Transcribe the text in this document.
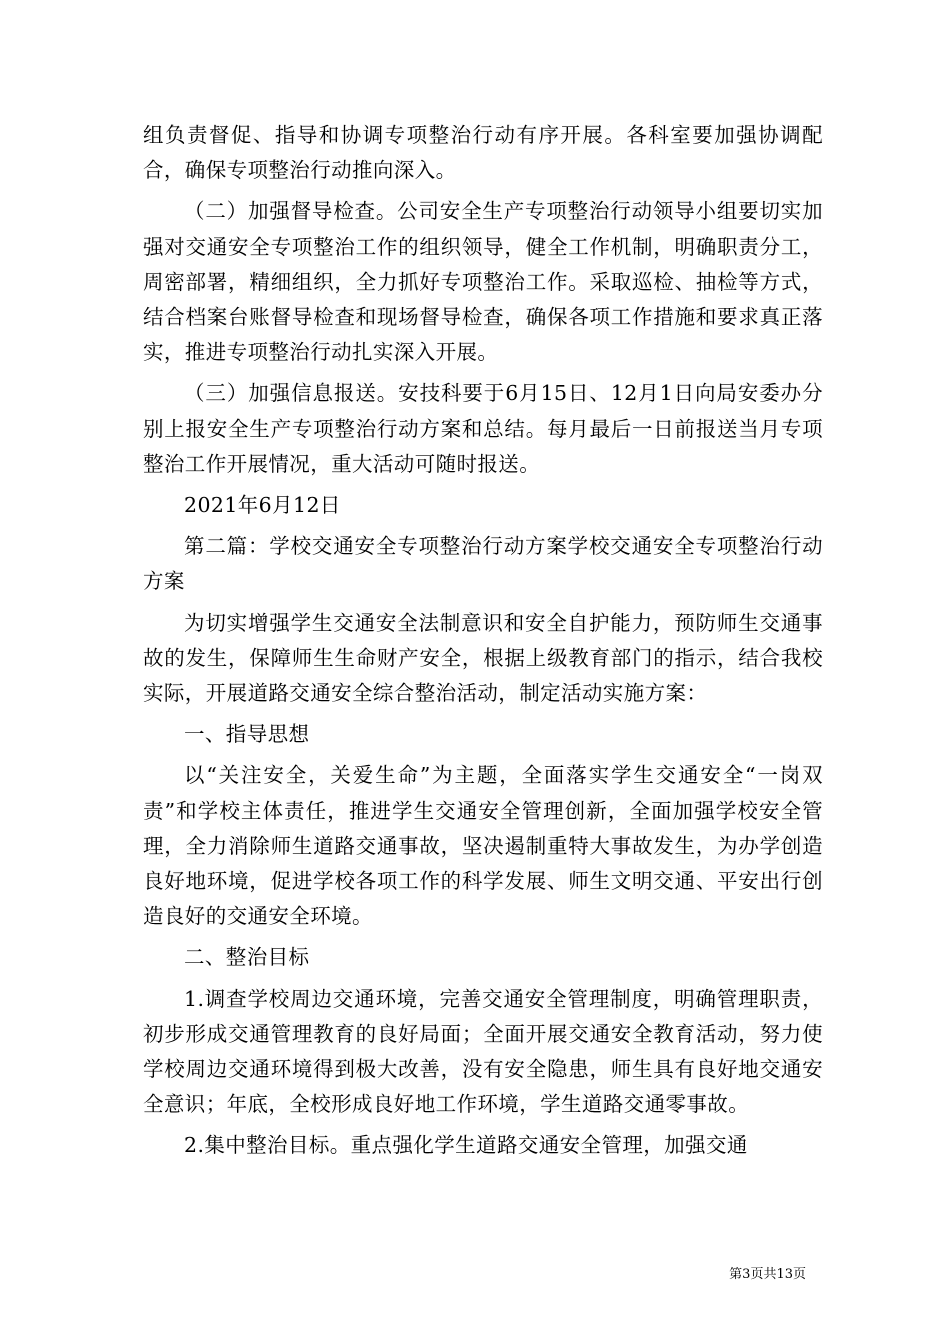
组负责督促、指导和协调专项整治行动有序开展。各科室要加强协调配合，确保专项整治行动推向深入。

（二）加强督导检查。公司安全生产专项整治行动领导小组要切实加强对交通安全专项整治工作的组织领导，健全工作机制，明确职责分工，周密部署，精细组织，全力抓好专项整治工作。采取巡检、抽检等方式，结合档案台账督导检查和现场督导检查，确保各项工作措施和要求真正落实，推进专项整治行动扎实深入开展。

（三）加强信息报送。安技科要于6月15日、12月1日向局安委办分别上报安全生产专项整治行动方案和总结。每月最后一日前报送当月专项整治工作开展情况，重大活动可随时报送。

2021年6月12日

第二篇：学校交通安全专项整治行动方案学校交通安全专项整治行动方案

为切实增强学生交通安全法制意识和安全自护能力，预防师生交通事故的发生，保障师生生命财产安全，根据上级教育部门的指示，结合我校实际，开展道路交通安全综合整治活动，制定活动实施方案：

一、指导思想

以“关注安全，关爱生命”为主题，全面落实学生交通安全“一岗双责”和学校主体责任，推进学生交通安全管理创新，全面加强学校安全管理，全力消除师生道路交通事故，坚决遏制重特大事故发生，为办学创造良好地环境，促进学校各项工作的科学发展、师生文明交通、平安出行创造良好的交通安全环境。

二、整治目标

1.调查学校周边交通环境，完善交通安全管理制度，明确管理职责，初步形成交通管理教育的良好局面；全面开展交通安全教育活动，努力使学校周边交通环境得到极大改善，没有安全隐患，师生具有良好地交通安全意识；年底，全校形成良好地工作环境，学生道路交通零事故。

2.集中整治目标。重点强化学生道路交通安全管理，加强交通

第3页共13页
